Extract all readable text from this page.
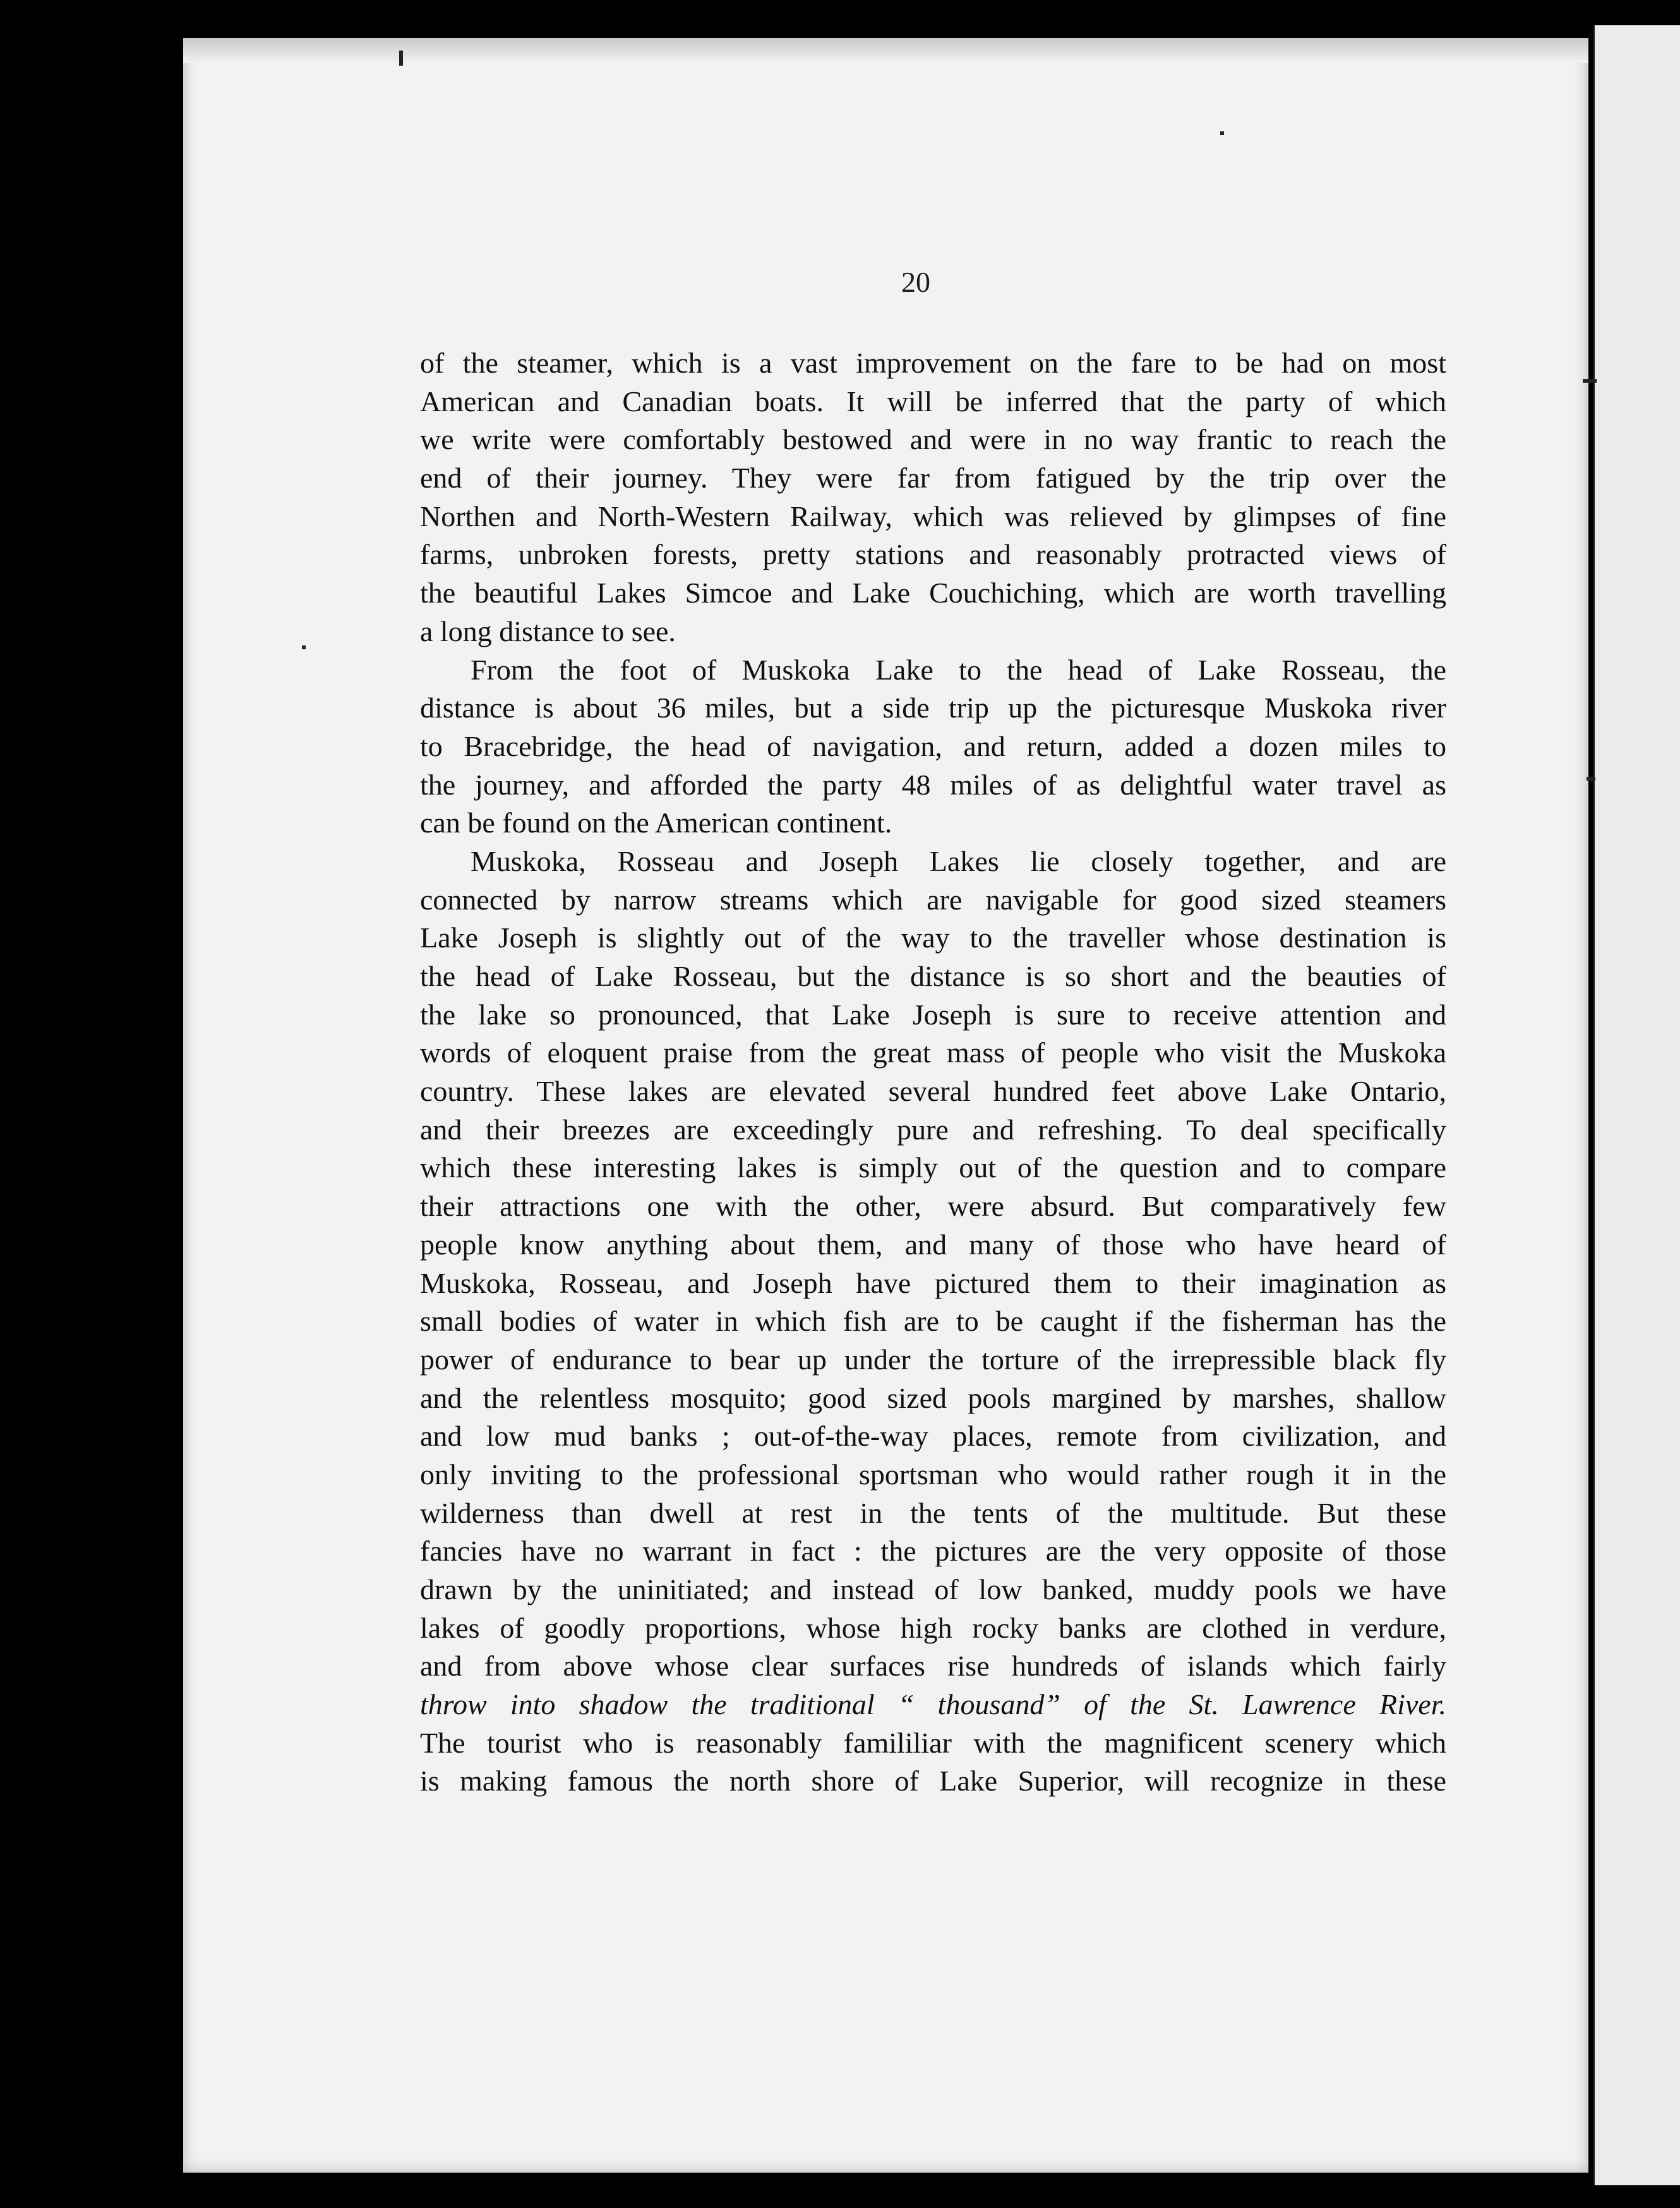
20
of the steamer, which is a vast improvement on the fare to be had on most
American and Canadian boats. It will be inferred that the party of which
we write were comfortably bestowed and were in no way frantic to reach the
end of their journey. They were far from fatigued by the trip over the
Northen and North-Western Railway, which was relieved by glimpses of fine
farms, unbroken forests, pretty stations and reasonably protracted views of
the beautiful Lakes Simcoe and Lake Couchiching, which are worth travelling
a long distance to see.
From the foot of Muskoka Lake to the head of Lake Rosseau, the
distance is about 36 miles, but a side trip up the picturesque Muskoka river
to Bracebridge, the head of navigation, and return, added a dozen miles to
the journey, and afforded the party 48 miles of as delightful water travel as
can be found on the American continent.
Muskoka, Rosseau and Joseph Lakes lie closely together, and are
connected by narrow streams which are navigable for good sized steamers
Lake Joseph is slightly out of the way to the traveller whose destination is
the head of Lake Rosseau, but the distance is so short and the beauties of
the lake so pronounced, that Lake Joseph is sure to receive attention and
words of eloquent praise from the great mass of people who visit the Muskoka
country. These lakes are elevated several hundred feet above Lake Ontario,
and their breezes are exceedingly pure and refreshing. To deal specifically
which these interesting lakes is simply out of the question and to compare
their attractions one with the other, were absurd. But comparatively few
people know anything about them, and many of those who have heard of
Muskoka, Rosseau, and Joseph have pictured them to their imagination as
small bodies of water in which fish are to be caught if the fisherman has the
power of endurance to bear up under the torture of the irrepressible black fly
and the relentless mosquito; good sized pools margined by marshes, shallow
and low mud banks ; out-of-the-way places, remote from civilization, and
only inviting to the professional sportsman who would rather rough it in the
wilderness than dwell at rest in the tents of the multitude. But these
fancies have no warrant in fact : the pictures are the very opposite of those
drawn by the uninitiated; and instead of low banked, muddy pools we have
lakes of goodly proportions, whose high rocky banks are clothed in verdure,
and from above whose clear surfaces rise hundreds of islands which fairly
throw into shadow the traditional “ thousand” of the St. Lawrence River.
The tourist who is reasonably famililiar with the magnificent scenery which
is making famous the north shore of Lake Superior, will recognize in these
